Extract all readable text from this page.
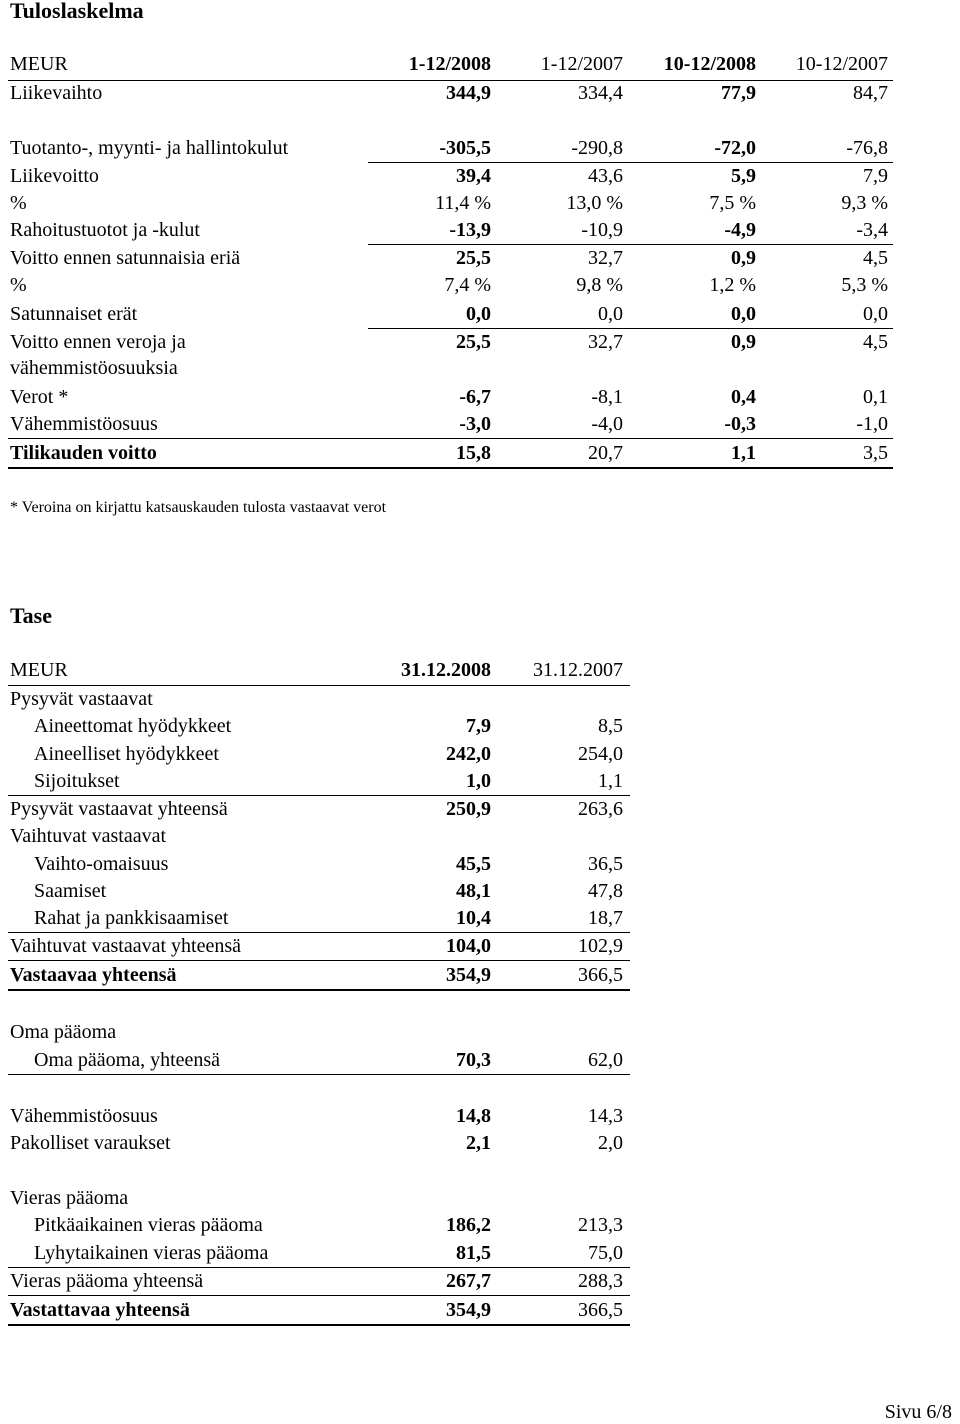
Tuloslaskelma
MEUR	1-12/2008 1-12/2007 10-12/2008 10-12/2007
Liikevaihto	344,9	334,4	77,9	84,7
Tuotanto-, myynti- ja hallintokulut	-305,5	-290,8	-72,0	-76,8
Liikevoitto	39,4	43,6	5,9	7,9
%	11,4 %	13,0 %	7,5 %	9,3 %
Rahoitustuotot ja -kulut	-13,9	-10,9	-4,9	-3,4
Voitto ennen satunnaisia eriä	25,5	32,7	0,9	4,5
%	7,4 %	9,8 %	1,2 %	5,3 %
Satunnaiset erät	0,0	0,0	0,0	0,0
Voitto ennen veroja ja	25,5	32,7	0,9	4,5
vähemmistöosuuksia
Verot *	-6,7	-8,1	0,4	0,1
Vähemmistöosuus	-3,0	-4,0	-0,3	-1,0
Tilikauden voitto	15,8	20,7	1,1	3,5
* Veroina on kirjattu katsauskauden tulosta vastaavat verot
Tase
MEUR	31.12.2008 31.12.2007
Pysyvät vastaavat
Aineettomat hyödykkeet	7,9	8,5
Aineelliset hyödykkeet	242,0	254,0
Sijoitukset	1,0	1,1
Pysyvät vastaavat yhteensä	250,9	263,6
Vaihtuvat vastaavat
Vaihto-omaisuus	45,5	36,5
Saamiset	48,1	47,8
Rahat ja pankkisaamiset	10,4	18,7
Vaihtuvat vastaavat yhteensä	104,0	102,9
Vastaavaa yhteensä	354,9	366,5
Oma pääoma
Oma pääoma, yhteensä	70,3	62,0
Vähemmistöosuus	14,8	14,3
Pakolliset varaukset	2,1	2,0
Vieras pääoma
Pitkäaikainen vieras pääoma	186,2	213,3
Lyhytaikainen vieras pääoma	81,5	75,0
Vieras pääoma yhteensä	267,7	288,3
Vastattavaa yhteensä	354,9	366,5
Sivu 6/8
